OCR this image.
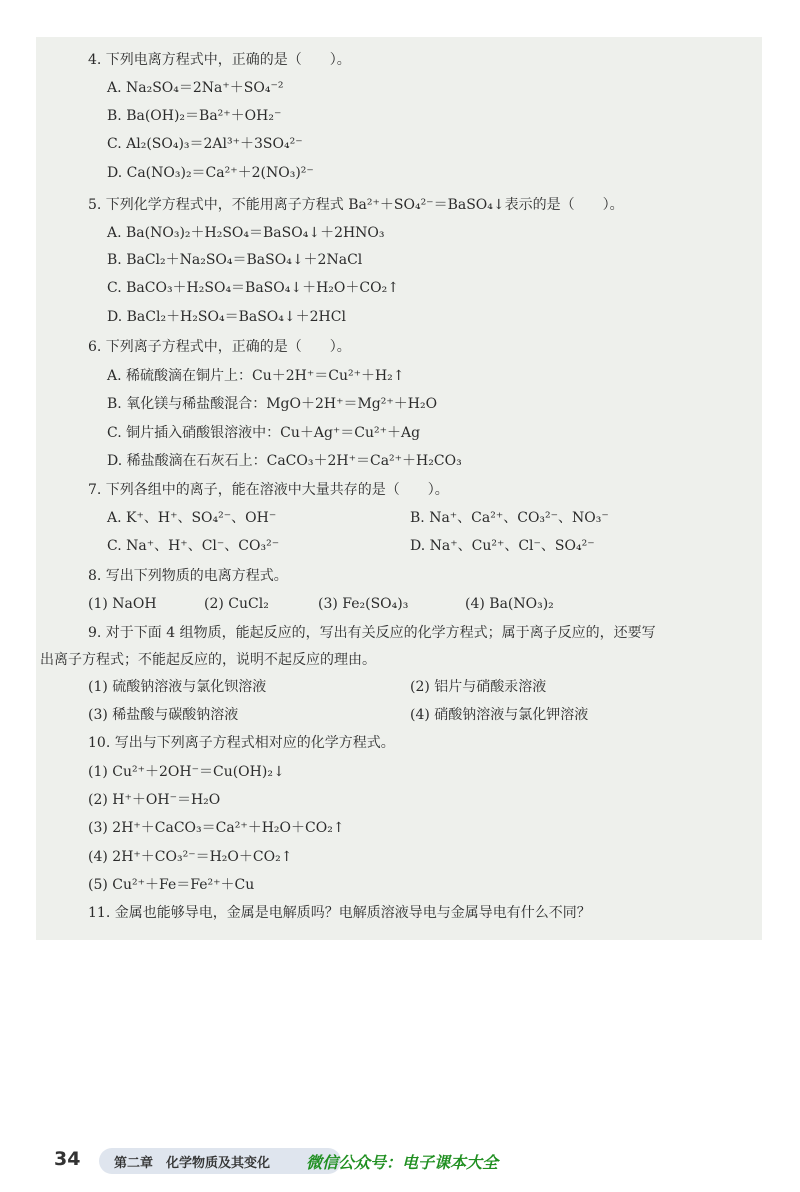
4. 下列电离方程式中，正确的是（　　）。
A. Na₂SO₄＝2Na⁺＋SO₄⁻²
B. Ba(OH)₂＝Ba²⁺＋OH₂⁻
C. Al₂(SO₄)₃＝2Al³⁺＋3SO₄²⁻
D. Ca(NO₃)₂＝Ca²⁺＋2(NO₃)²⁻
5. 下列化学方程式中，不能用离子方程式 Ba²⁺＋SO₄²⁻＝BaSO₄↓表示的是（　　）。
A. Ba(NO₃)₂＋H₂SO₄＝BaSO₄↓＋2HNO₃
B. BaCl₂＋Na₂SO₄＝BaSO₄↓＋2NaCl
C. BaCO₃＋H₂SO₄＝BaSO₄↓＋H₂O＋CO₂↑
D. BaCl₂＋H₂SO₄＝BaSO₄↓＋2HCl
6. 下列离子方程式中，正确的是（　　）。
A. 稀硫酸滴在铜片上：Cu＋2H⁺＝Cu²⁺＋H₂↑
B. 氧化镁与稀盐酸混合：MgO＋2H⁺＝Mg²⁺＋H₂O
C. 铜片插入硝酸银溶液中：Cu＋Ag⁺＝Cu²⁺＋Ag
D. 稀盐酸滴在石灰石上：CaCO₃＋2H⁺＝Ca²⁺＋H₂CO₃
7. 下列各组中的离子，能在溶液中大量共存的是（　　）。
A. K⁺、H⁺、SO₄²⁻、OH⁻	B. Na⁺、Ca²⁺、CO₃²⁻、NO₃⁻
C. Na⁺、H⁺、Cl⁻、CO₃²⁻	D. Na⁺、Cu²⁺、Cl⁻、SO₄²⁻
8. 写出下列物质的电离方程式。
(1) NaOH	(2) CuCl₂	(3) Fe₂(SO₄)₃	(4) Ba(NO₃)₂
9. 对于下面 4 组物质，能起反应的，写出有关反应的化学方程式；属于离子反应的，还要写
出离子方程式；不能起反应的，说明不起反应的理由。
(1) 硫酸钠溶液与氯化钡溶液	(2) 铝片与硝酸汞溶液
(3) 稀盐酸与碳酸钠溶液	(4) 硝酸钠溶液与氯化钾溶液
10. 写出与下列离子方程式相对应的化学方程式。
(1) Cu²⁺＋2OH⁻＝Cu(OH)₂↓
(2) H⁺＋OH⁻＝H₂O
(3) 2H⁺＋CaCO₃＝Ca²⁺＋H₂O＋CO₂↑
(4) 2H⁺＋CO₃²⁻＝H₂O＋CO₂↑
(5) Cu²⁺＋Fe＝Fe²⁺＋Cu
11. 金属也能够导电，金属是电解质吗？电解质溶液导电与金属导电有什么不同？
34	第二章　化学物质及其变化 微信公众号：电子课本大全
